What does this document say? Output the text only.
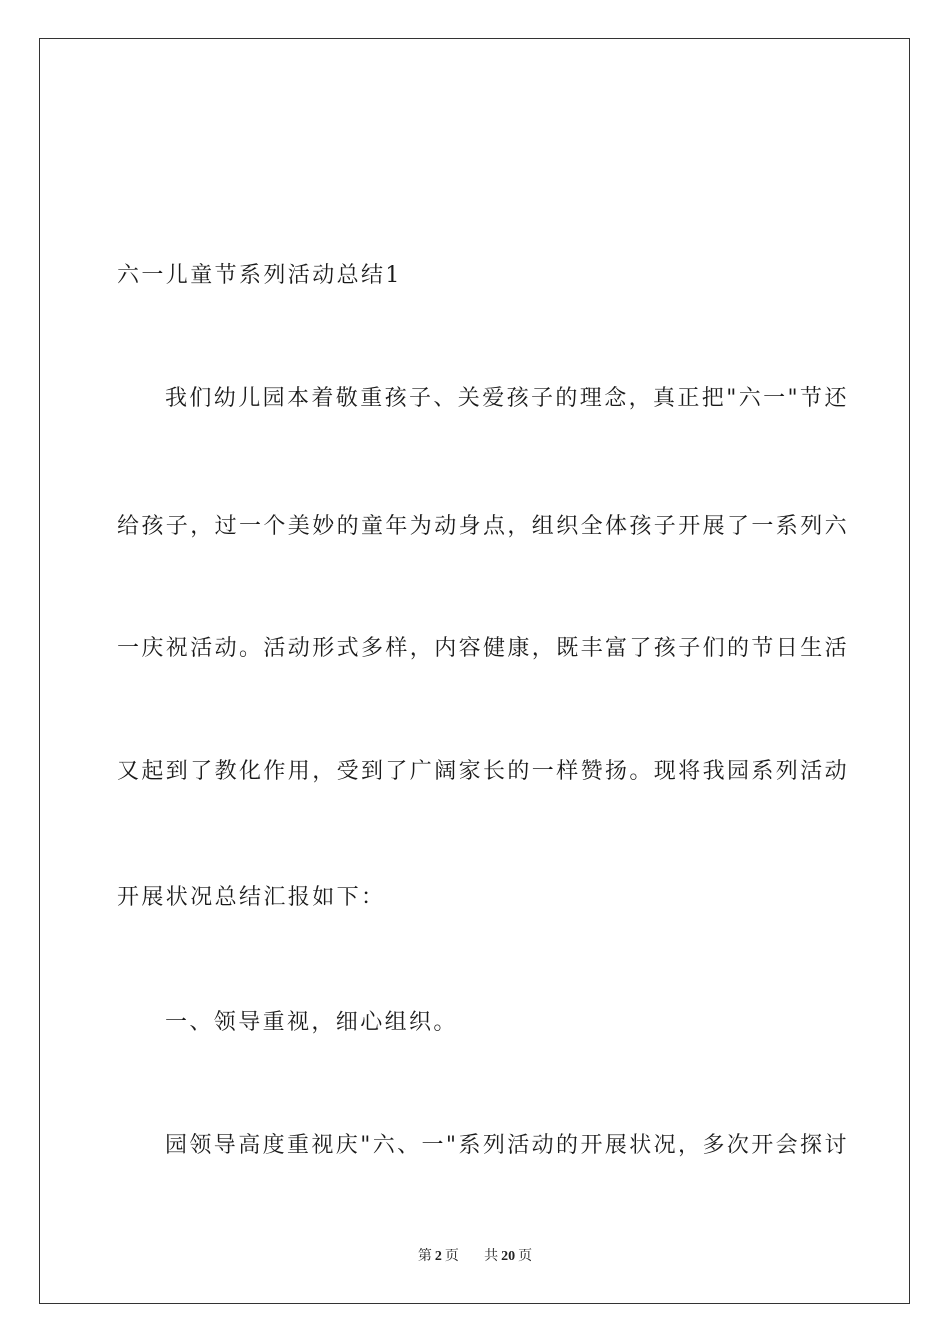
六一儿童节系列活动总结1
我们幼儿园本着敬重孩子、关爱孩子的理念，真正把"六一"节还
给孩子，过一个美妙的童年为动身点，组织全体孩子开展了一系列六
一庆祝活动。活动形式多样，内容健康，既丰富了孩子们的节日生活
又起到了教化作用，受到了广阔家长的一样赞扬。现将我园系列活动
开展状况总结汇报如下：
一、领导重视，细心组织。
园领导高度重视庆"六、一"系列活动的开展状况，多次开会探讨
第 2 页 共 20 页
